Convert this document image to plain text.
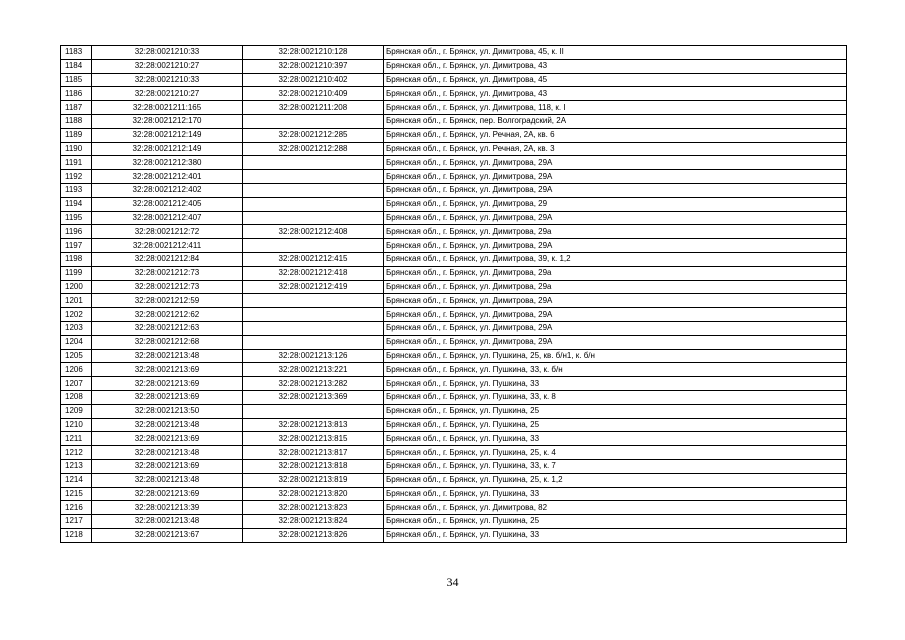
1183	32:28:0021210:33	32:28:0021210:128	Брянская обл., г. Брянск, ул. Димитрова, 45, к. II
1184	32:28:0021210:27	32:28:0021210:397	Брянская обл., г. Брянск, ул. Димитрова, 43
1185	32:28:0021210:33	32:28:0021210:402	Брянская обл., г. Брянск, ул. Димитрова, 45
1186	32:28:0021210:27	32:28:0021210:409	Брянская обл., г. Брянск, ул. Димитрова, 43
1187	32:28:0021211:165	32:28:0021211:208	Брянская обл., г. Брянск, ул. Димитрова, 118, к. I
1188	32:28:0021212:170		Брянская обл., г. Брянск, пер. Волгоградский, 2А
1189	32:28:0021212:149	32:28:0021212:285	Брянская обл., г. Брянск, ул. Речная, 2А, кв. 6
1190	32:28:0021212:149	32:28:0021212:288	Брянская обл., г. Брянск, ул. Речная, 2А, кв. 3
1191	32:28:0021212:380		Брянская обл., г. Брянск, ул. Димитрова, 29А
1192	32:28:0021212:401		Брянская обл., г. Брянск, ул. Димитрова, 29А
1193	32:28:0021212:402		Брянская обл., г. Брянск, ул. Димитрова, 29А
1194	32:28:0021212:405		Брянская обл., г. Брянск, ул. Димитрова, 29
1195	32:28:0021212:407		Брянская обл., г. Брянск, ул. Димитрова, 29А
1196	32:28:0021212:72	32:28:0021212:408	Брянская обл., г. Брянск, ул. Димитрова, 29а
1197	32:28:0021212:411		Брянская обл., г. Брянск, ул. Димитрова, 29А
1198	32:28:0021212:84	32:28:0021212:415	Брянская обл., г. Брянск, ул. Димитрова, 39, к. 1,2
1199	32:28:0021212:73	32:28:0021212:418	Брянская обл., г. Брянск, ул. Димитрова, 29а
1200	32:28:0021212:73	32:28:0021212:419	Брянская обл., г. Брянск, ул. Димитрова, 29а
1201	32:28:0021212:59		Брянская обл., г. Брянск, ул. Димитрова, 29А
1202	32:28:0021212:62		Брянская обл., г. Брянск, ул. Димитрова, 29А
1203	32:28:0021212:63		Брянская обл., г. Брянск, ул. Димитрова, 29А
1204	32:28:0021212:68		Брянская обл., г. Брянск, ул. Димитрова, 29А
1205	32:28:0021213:48	32:28:0021213:126	Брянская обл., г. Брянск, ул. Пушкина, 25, кв. б/н1, к. б/н
1206	32:28:0021213:69	32:28:0021213:221	Брянская обл., г. Брянск, ул. Пушкина, 33, к. б/н
1207	32:28:0021213:69	32:28:0021213:282	Брянская обл., г. Брянск, ул. Пушкина, 33
1208	32:28:0021213:69	32:28:0021213:369	Брянская обл., г. Брянск, ул. Пушкина, 33, к. 8
1209	32:28:0021213:50		Брянская обл., г. Брянск, ул. Пушкина, 25
1210	32:28:0021213:48	32:28:0021213:813	Брянская обл., г. Брянск, ул. Пушкина, 25
1211	32:28:0021213:69	32:28:0021213:815	Брянская обл., г. Брянск, ул. Пушкина, 33
1212	32:28:0021213:48	32:28:0021213:817	Брянская обл., г. Брянск, ул. Пушкина, 25, к. 4
1213	32:28:0021213:69	32:28:0021213:818	Брянская обл., г. Брянск, ул. Пушкина, 33, к. 7
1214	32:28:0021213:48	32:28:0021213:819	Брянская обл., г. Брянск, ул. Пушкина, 25, к. 1,2
1215	32:28:0021213:69	32:28:0021213:820	Брянская обл., г. Брянск, ул. Пушкина, 33
1216	32:28:0021213:39	32:28:0021213:823	Брянская обл., г. Брянск, ул. Димитрова, 82
1217	32:28:0021213:48	32:28:0021213:824	Брянская обл., г. Брянск, ул. Пушкина, 25
1218	32:28:0021213:67	32:28:0021213:826	Брянская обл., г. Брянск, ул. Пушкина, 33
34
